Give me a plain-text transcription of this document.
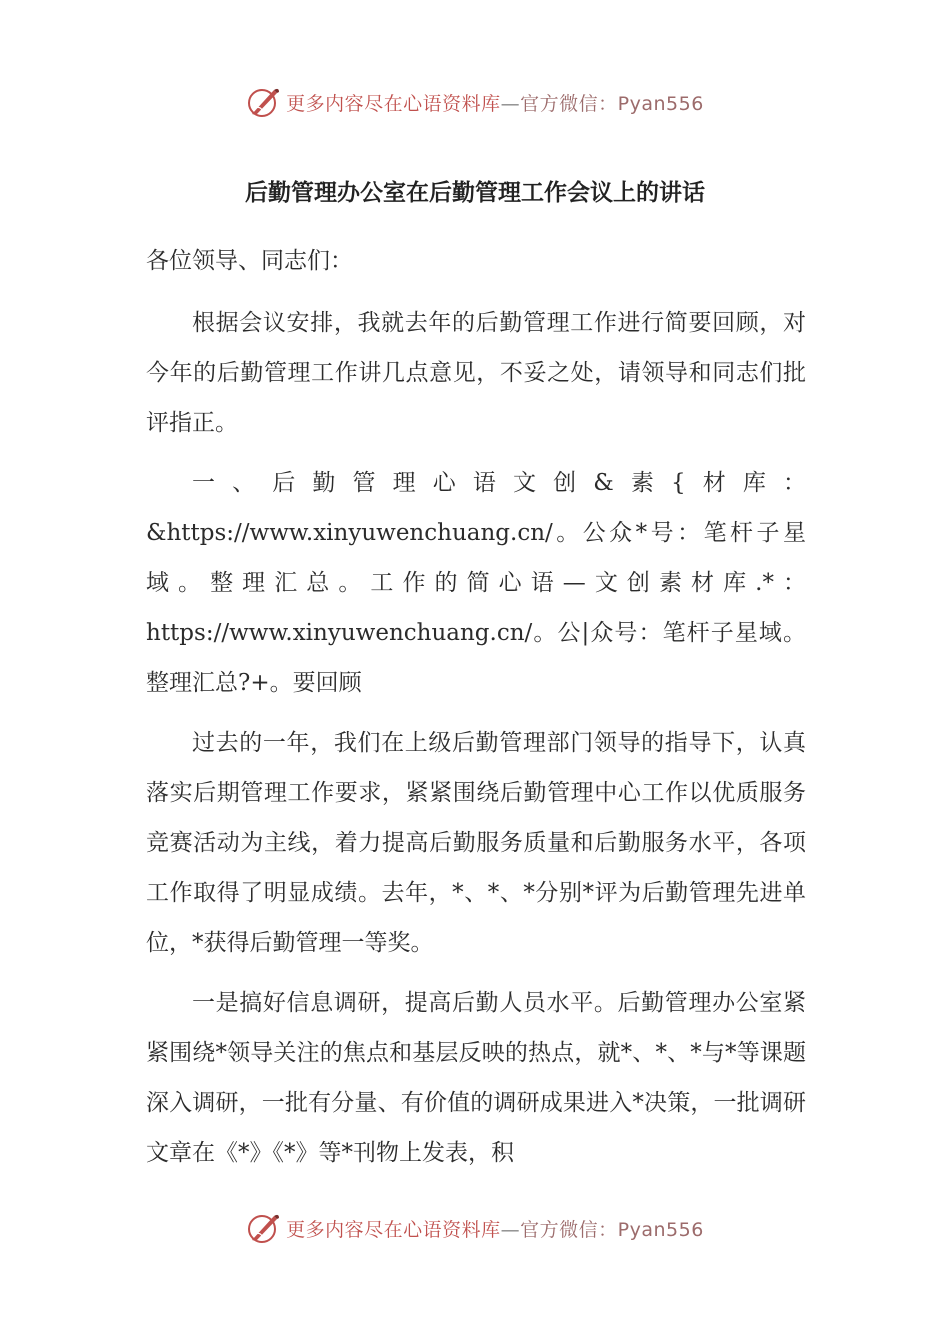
更多内容尽在心语资料库—官方微信：Pyan556
后勤管理办公室在后勤管理工作会议上的讲话

各位领导、同志们：

根据会议安排，我就去年的后勤管理工作进行简要回顾，对今年的后勤管理工作讲几点意见，不妥之处，请领导和同志们批评指正。

一、后勤管理心语文创&素{材库：&https://www.xinyuwenchuang.cn/。公众*号：笔杆子星域。整理汇总。工作的简心语—文创素材库.*：https://www.xinyuwenchuang.cn/。公|众号：笔杆子星域。整理汇总?+。要回顾

过去的一年，我们在上级后勤管理部门领导的指导下，认真落实后期管理工作要求，紧紧围绕后勤管理中心工作以优质服务竞赛活动为主线，着力提高后勤服务质量和后勤服务水平，各项工作取得了明显成绩。去年，*、*、*分别*评为后勤管理先进单位，*获得后勤管理一等奖。

一是搞好信息调研，提高后勤人员水平。后勤管理办公室紧紧围绕*领导关注的焦点和基层反映的热点，就*、*、*与*等课题深入调研，一批有分量、有价值的调研成果进入*决策，一批调研文章在《*》《*》等*刊物上发表，积

更多内容尽在心语资料库—官方微信：Pyan556
